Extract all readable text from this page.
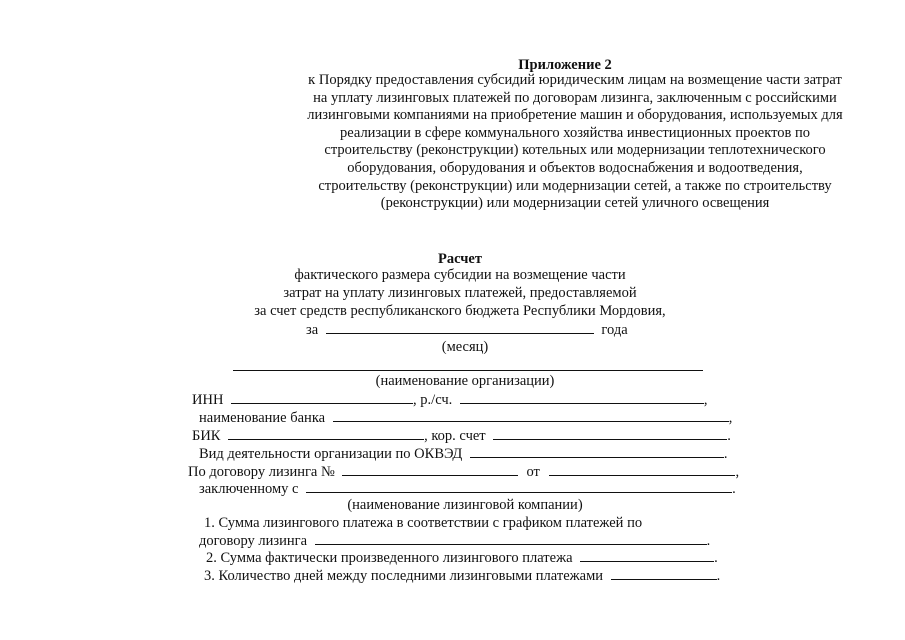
Приложение 2
к Порядку предоставления субсидий юридическим лицам на возмещение части затрат
на уплату лизинговых платежей по договорам лизинга, заключенным с российскими
лизинговыми компаниями на приобретение машин и оборудования, используемых для
реализации в сфере коммунального хозяйства инвестиционных проектов по
строительству (реконструкции) котельных или модернизации теплотехнического
оборудования, оборудования и объектов водоснабжения и водоотведения,
строительству (реконструкции) или модернизации сетей, а также по строительству
(реконструкции) или модернизации сетей уличного освещения
Расчет
фактического размера субсидии на возмещение части
затрат на уплату лизинговых платежей, предоставляемой
за счет средств республиканского бюджета Республики Мордовия,
за	года
(месяц)
(наименование организации)
ИНН	, р./сч.	,
наименование банка	,
БИК	, кор. счет	.
Вид деятельности организации по ОКВЭД	.
По договору лизинга №	от	,
заключенному с	.
(наименование лизинговой компании)
1. Сумма лизингового платежа в соответствии с графиком платежей по
договору лизинга	.
2. Сумма фактически произведенного лизингового платежа	.
3. Количество дней между последними лизинговыми платежами	.
